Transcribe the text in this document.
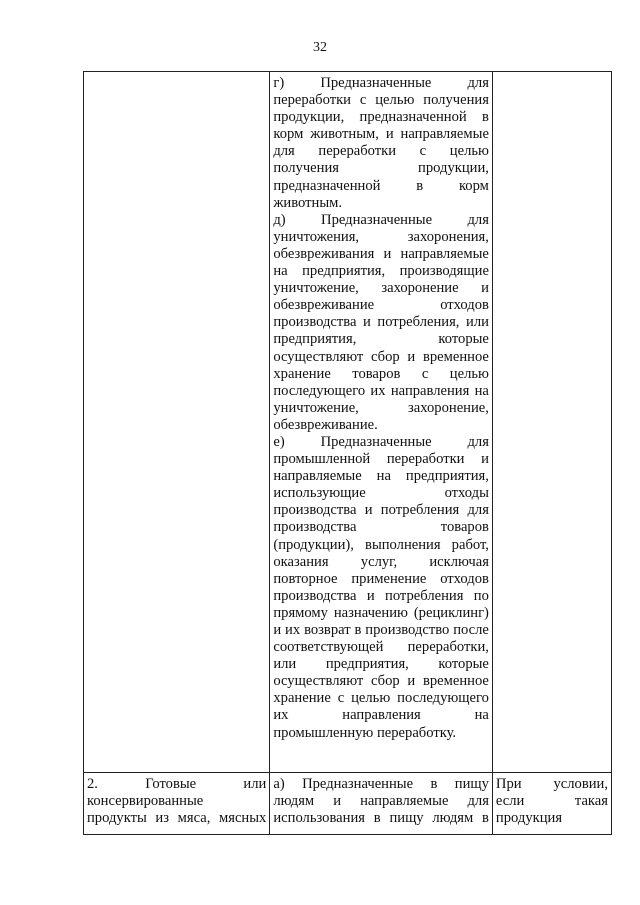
32

	г) Предназначенные для переработки с целью получения продукции, предназначенной в корм животным, и направляемые для переработки с целью получения продукции, предназначенной в корм животным.

д) Предназначенные для уничтожения, захоронения, обезвреживания и направляемые на предприятия, производящие уничтожение, захоронение и обезвреживание отходов производства и потребления, или предприятия, которые осуществляют сбор и временное хранение товаров с целью последующего их направления на уничтожение, захоронение, обезвреживание.

е) Предназначенные для промышленной переработки и направляемые на предприятия, использующие отходы производства и потребления для производства товаров (продукции), выполнения работ, оказания услуг, исключая повторное применение отходов производства и потребления по прямому назначению (рециклинг) и их возврат в производство после соответствующей переработки, или предприятия, которые осуществляют сбор и временное хранение с целью последующего их направления на промышленную переработку.	

2. Готовые или консервированные продукты из мяса, мясных	а) Предназначенные в пищу людям и направляемые для использования в пищу людям в	При условии, если такая продукция
